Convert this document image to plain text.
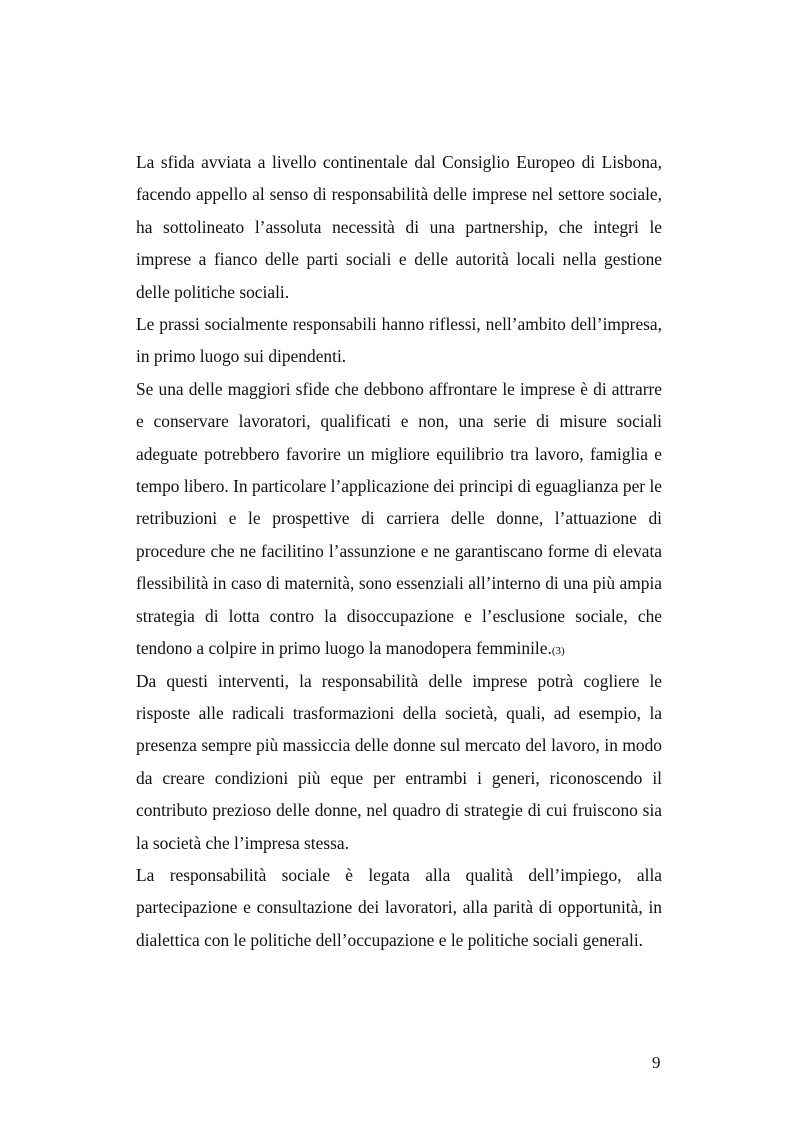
La sfida avviata a livello continentale dal Consiglio Europeo di Lisbona, facendo appello al senso di responsabilità delle imprese nel settore sociale, ha sottolineato l’assoluta necessità di una partnership, che integri le imprese a fianco delle parti sociali e delle autorità locali nella gestione delle politiche sociali.

Le prassi socialmente responsabili hanno riflessi, nell’ambito dell’impresa, in primo luogo sui dipendenti.

Se una delle maggiori sfide che debbono affrontare le imprese è di attrarre e conservare lavoratori, qualificati e non, una serie di misure sociali adeguate potrebbero favorire un migliore equilibrio tra lavoro, famiglia e tempo libero. In particolare l’applicazione dei principi di eguaglianza per le retribuzioni e le prospettive di carriera delle donne, l’attuazione di procedure che ne facilitino l’assunzione e ne garantiscano forme di elevata flessibilità in caso di maternità, sono essenziali all’interno di una più ampia strategia di lotta contro la disoccupazione e l’esclusione sociale, che tendono a colpire in primo luogo la manodopera femminile.(3)

Da questi interventi, la responsabilità delle imprese potrà cogliere le risposte alle radicali trasformazioni della società, quali, ad esempio, la presenza sempre più massiccia delle donne sul mercato del lavoro, in modo da creare condizioni più eque per entrambi i generi, riconoscendo il contributo prezioso delle donne, nel quadro di strategie di cui fruiscono sia la società che l’impresa stessa.

La responsabilità sociale è legata alla qualità dell’impiego, alla partecipazione e consultazione dei lavoratori, alla parità di opportunità, in dialettica con le politiche dell’occupazione e le politiche sociali generali.

9
